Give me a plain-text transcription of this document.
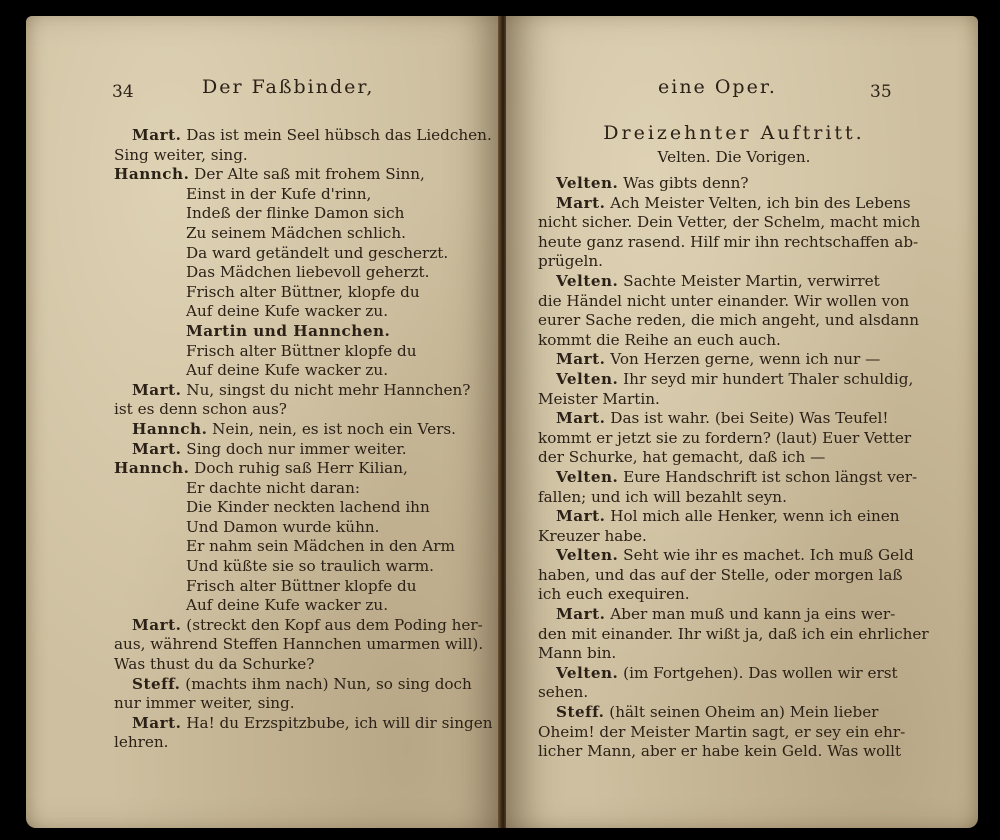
34	Der Faßbinder,
Mart. Das ist mein Seel hübsch das Liedchen.
Sing weiter, sing.
Hannch. Der Alte saß mit frohem Sinn,
Einst in der Kufe d'rinn,
Indeß der flinke Damon sich
Zu seinem Mädchen schlich.
Da ward getändelt und gescherzt.
Das Mädchen liebevoll geherzt.
Frisch alter Büttner, klopfe du
Auf deine Kufe wacker zu.
Martin und Hannchen.
Frisch alter Büttner klopfe du
Auf deine Kufe wacker zu.
Mart. Nu, singst du nicht mehr Hannchen?
ist es denn schon aus?
Hannch. Nein, nein, es ist noch ein Vers.
Mart. Sing doch nur immer weiter.
Hannch. Doch ruhig saß Herr Kilian,
Er dachte nicht daran:
Die Kinder neckten lachend ihn
Und Damon wurde kühn.
Er nahm sein Mädchen in den Arm
Und küßte sie so traulich warm.
Frisch alter Büttner klopfe du
Auf deine Kufe wacker zu.
Mart. (streckt den Kopf aus dem Poding her-
aus, während Steffen Hannchen umarmen will).
Was thust du da Schurke?
Steff. (machts ihm nach) Nun, so sing doch
nur immer weiter, sing.
Mart. Ha! du Erzspitzbube, ich will dir singen
lehren.
eine Oper.	35
Dreizehnter Auftritt.
Velten. Die Vorigen.
Velten. Was gibts denn?
Mart. Ach Meister Velten, ich bin des Lebens
nicht sicher. Dein Vetter, der Schelm, macht mich
heute ganz rasend. Hilf mir ihn rechtschaffen ab-
prügeln.
Velten. Sachte Meister Martin, verwirret
die Händel nicht unter einander. Wir wollen von
eurer Sache reden, die mich angeht, und alsdann
kommt die Reihe an euch auch.
Mart. Von Herzen gerne, wenn ich nur —
Velten. Ihr seyd mir hundert Thaler schuldig,
Meister Martin.
Mart. Das ist wahr. (bei Seite) Was Teufel!
kommt er jetzt sie zu fordern? (laut) Euer Vetter
der Schurke, hat gemacht, daß ich —
Velten. Eure Handschrift ist schon längst ver-
fallen; und ich will bezahlt seyn.
Mart. Hol mich alle Henker, wenn ich einen
Kreuzer habe.
Velten. Seht wie ihr es machet. Ich muß Geld
haben, und das auf der Stelle, oder morgen laß
ich euch exequiren.
Mart. Aber man muß und kann ja eins wer-
den mit einander. Ihr wißt ja, daß ich ein ehrlicher
Mann bin.
Velten. (im Fortgehen). Das wollen wir erst
sehen.
Steff. (hält seinen Oheim an) Mein lieber
Oheim! der Meister Martin sagt, er sey ein ehr-
licher Mann, aber er habe kein Geld. Was wollt
